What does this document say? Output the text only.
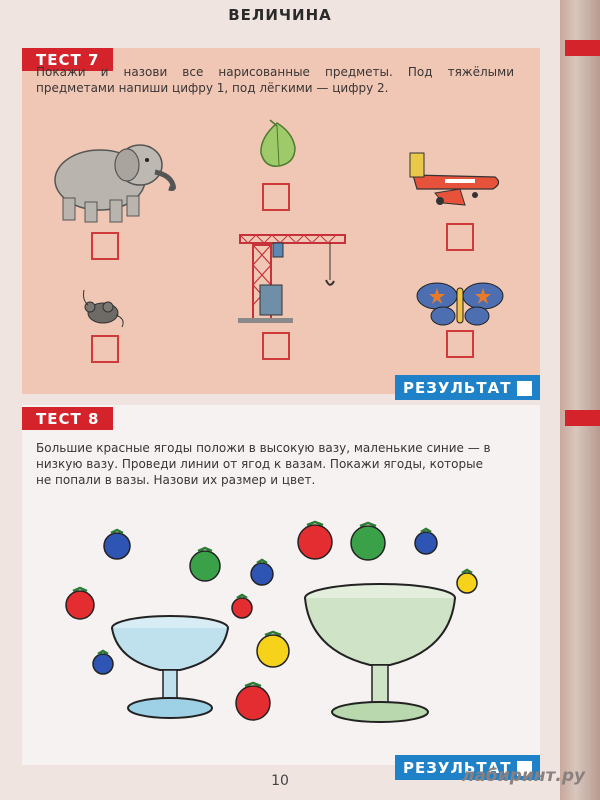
ВЕЛИЧИНА
ТЕСТ 7
Покажи и назови все нарисованные предметы. Под тяжёлыми предметами напиши цифру 1, под лёгкими — цифру 2.
РЕЗУЛЬТАТ
ТЕСТ 8
Большие красные ягоды положи в высокую вазу, маленькие синие — в низкую вазу. Проведи линии от ягод к вазам. Покажи ягоды, которые не попали в вазы. Назови их размер и цвет.
РЕЗУЛЬТАТ
10	лабиринт.ру
